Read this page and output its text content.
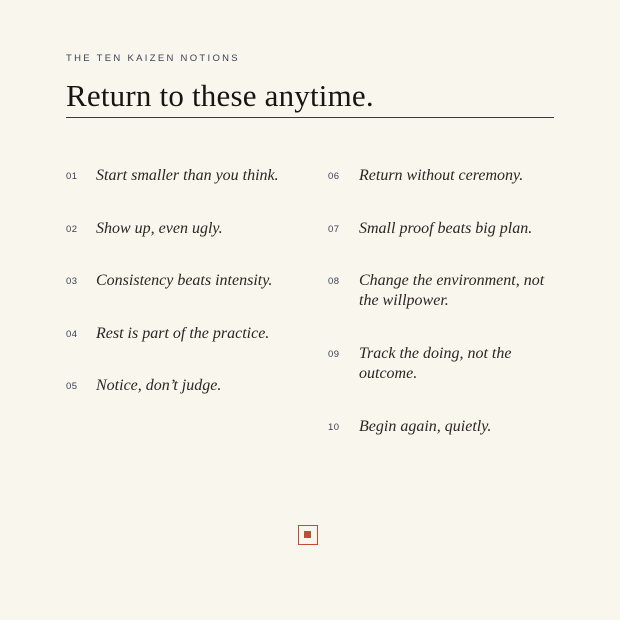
THE TEN KAIZEN NOTIONS
Return to these anytime.
01 Start smaller than you think.
02 Show up, even ugly.
03 Consistency beats intensity.
04 Rest is part of the practice.
05 Notice, don’t judge.
06 Return without ceremony.
07 Small proof beats big plan.
08 Change the environment, not the willpower.
09 Track the doing, not the outcome.
10 Begin again, quietly.
